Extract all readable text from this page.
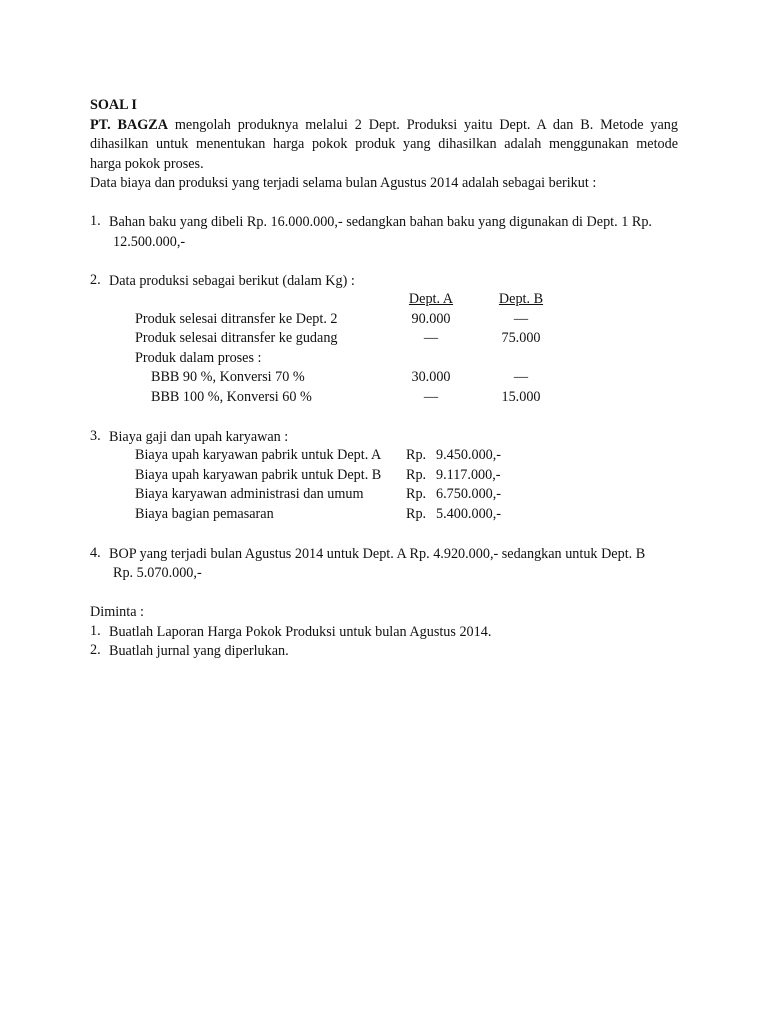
SOAL I
PT. BAGZA mengolah produknya melalui 2 Dept. Produksi yaitu Dept. A dan B. Metode yang
dihasilkan untuk menentukan harga pokok produk yang dihasilkan adalah menggunakan metode
harga pokok proses.
Data biaya dan produksi yang terjadi selama bulan Agustus 2014 adalah sebagai berikut :
1. Bahan baku yang dibeli Rp. 16.000.000,- sedangkan bahan baku yang digunakan di Dept. 1 Rp.
12.500.000,-
2. Data produksi sebagai berikut (dalam Kg) :
Dept. A	Dept. B
Produk selesai ditransfer ke Dept. 2	90.000	—
Produk selesai ditransfer ke gudang	—	75.000
Produk dalam proses :
BBB 90 %, Konversi 70 %	30.000	—
BBB 100 %, Konversi 60 %	—	15.000
3. Biaya gaji dan upah karyawan :
Biaya upah karyawan pabrik untuk Dept. A Rp. 9.450.000,-
Biaya upah karyawan pabrik untuk Dept. B Rp. 9.117.000,-
Biaya karyawan administrasi dan umum	Rp. 6.750.000,-
Biaya bagian pemasaran	Rp. 5.400.000,-
4. BOP yang terjadi bulan Agustus 2014 untuk Dept. A Rp. 4.920.000,- sedangkan untuk Dept. B
Rp. 5.070.000,-
Diminta :
1. Buatlah Laporan Harga Pokok Produksi untuk bulan Agustus 2014.
2. Buatlah jurnal yang diperlukan.
